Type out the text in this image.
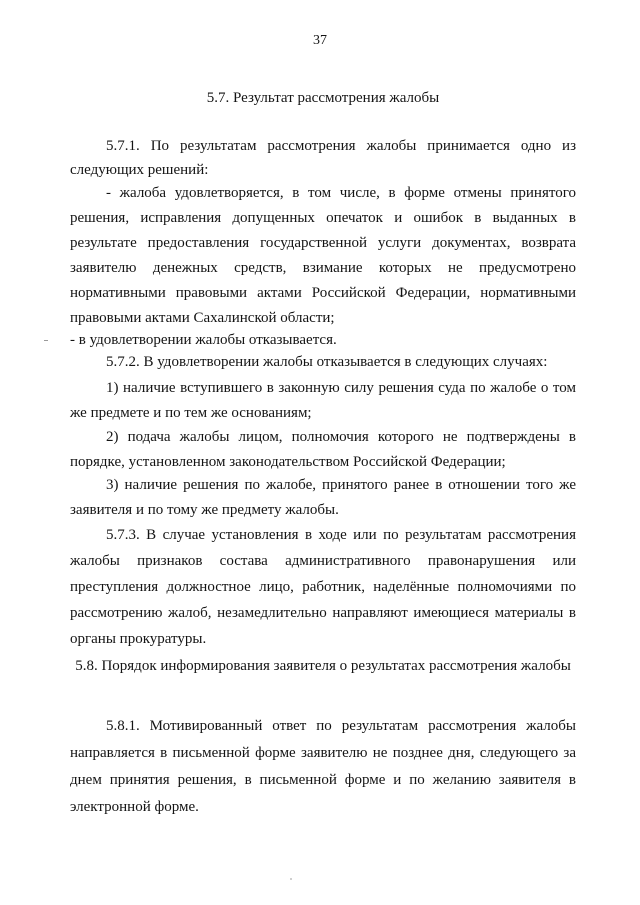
37
5.7. Результат рассмотрения жалобы
5.7.1. По результатам рассмотрения жалобы принимается одно из следующих решений:
- жалоба удовлетворяется, в том числе, в форме отмены принятого решения, исправления допущенных опечаток и ошибок в выданных в результате предоставления государственной услуги документах, возврата заявителю денежных средств, взимание которых не предусмотрено нормативными правовыми актами Российской Федерации, нормативными правовыми актами Сахалинской области;
- в удовлетворении жалобы отказывается.
5.7.2. В удовлетворении жалобы отказывается в следующих случаях:
1) наличие вступившего в законную силу решения суда по жалобе о том же предмете и по тем же основаниям;
2) подача жалобы лицом, полномочия которого не подтверждены в порядке, установленном законодательством Российской Федерации;
3) наличие решения по жалобе, принятого ранее в отношении того же заявителя и по тому же предмету жалобы.
5.7.3. В случае установления в ходе или по результатам рассмотрения жалобы признаков состава административного правонарушения или преступления должностное лицо, работник, наделённые полномочиями по рассмотрению жалоб, незамедлительно направляют имеющиеся материалы в органы прокуратуры.
5.8. Порядок информирования заявителя о результатах рассмотрения жалобы
5.8.1. Мотивированный ответ по результатам рассмотрения жалобы направляется в письменной форме заявителю не позднее дня, следующего за днем принятия решения, в письменной форме и по желанию заявителя в электронной форме.
